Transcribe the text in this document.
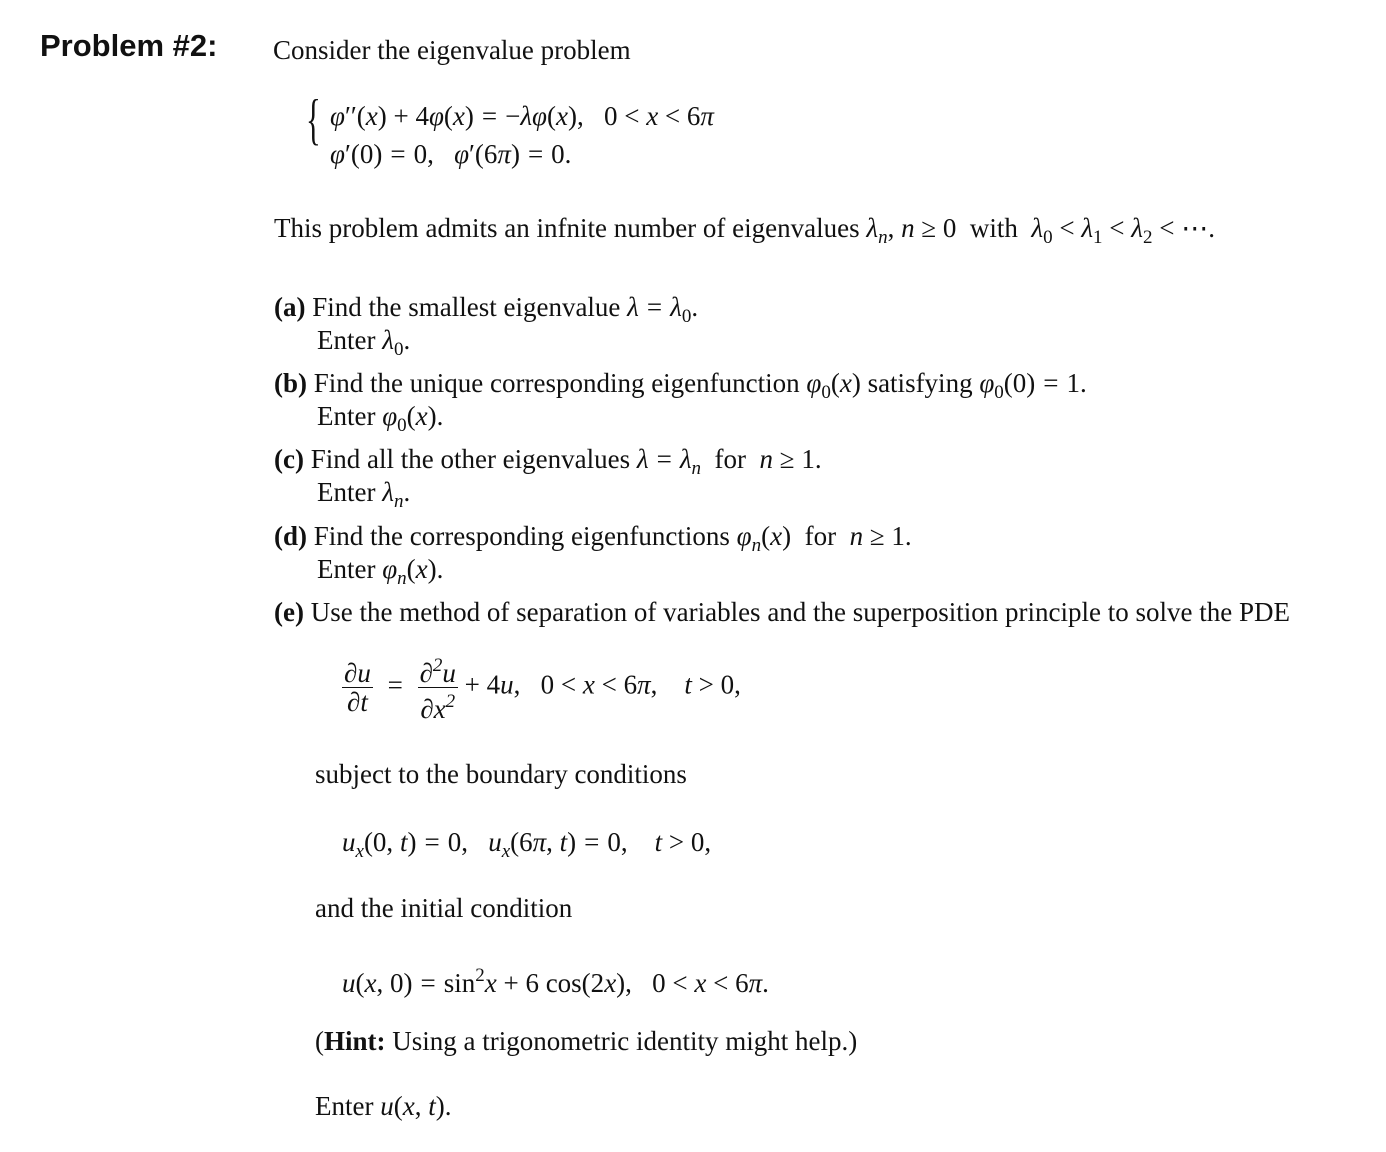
Problem #2: Consider the eigenvalue problem
{ φ′′(x) + 4φ(x) = −λφ(x),   0 < x < 6π
φ′(0) = 0,   φ′(6π) = 0.
This problem admits an infnite number of eigenvalues $\lambda_n$, n ≥ 0  with  $\lambda_0 < \lambda_1 < \lambda_2$ < ⋯.
(a) Find the smallest eigenvalue $\lambda = \lambda_0$.
Enter $\lambda_0$.
(b) Find the unique corresponding eigenfunction $\varphi_0(x)$ satisfying $\varphi_0(0) = 1$.
Enter $\varphi_0(x)$.
(c) Find all the other eigenvalues $\lambda = \lambda_n$  for  n ≥ 1.
Enter $\lambda_n$.
(d) Find the corresponding eigenfunctions $\varphi_n(x)$  for  n ≥ 1.
Enter $\varphi_n(x)$.
(e) Use the method of separation of variables and the superposition principle to solve the PDE
$\frac{\partial u}{\partial t} = \frac{\partial^2u}{\partial x^2} + 4u$,   0 < x < 6π,    t > 0,
subject to the boundary conditions
$u_x(0$, t) = 0,   $u_x(6\pi$, t) = 0,    t > 0,
and the initial condition
u(x, $0) = \sin^2x + 6$ cos(2x),   0 < x < 6π.
(Hint: Using a trigonometric identity might help.)
Enter u(x, t).
